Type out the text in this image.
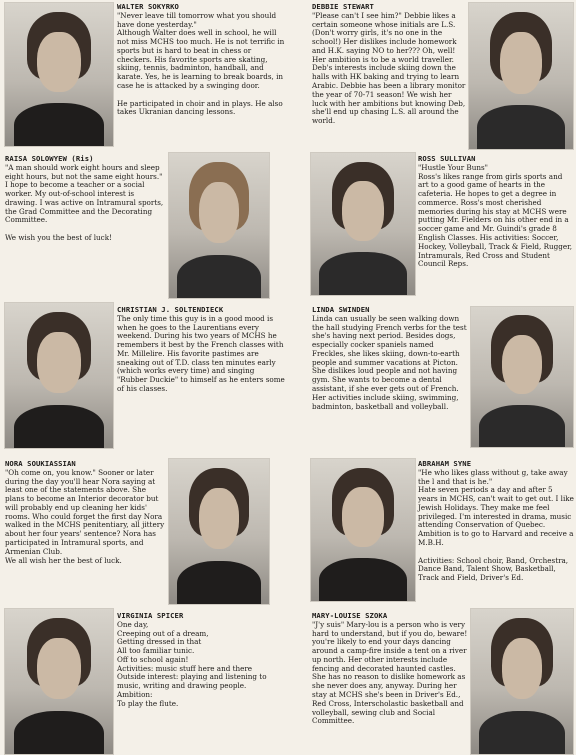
WALTER SOKYRKO

"Never leave till tomorrow what you should have done yesterday."
Although Walter does well in school, he will not miss MCHS too much. He is not terrific in sports but is hard to beat in chess or checkers. His favorite sports are skating, skiing, tennis, badminton, handball, and karate. Yes, he is learning to break boards, in case he is attacked by a swinging door.

He participated in choir and in plays. He also takes Ukranian dancing lessons.

DEBBIE STEWART

"Please can't I see him?" Debbie likes a certain someone whose initials are L.S. (Don't worry girls, it's no one in the school!) Her dislikes include homework and H.K. saying NO to her??? Oh, well! Her ambition is to be a world traveller. Deb's interests include skiing down the halls with HK baking and trying to learn Arabic. Debbie has been a library monitor the year of 70-71 season! We wish her luck with her ambitions but knowing Deb, she'll end up chasing L.S. all around the world.

RAISA SOLOWYEW (Ris)

"A man should work eight hours and sleep eight hours, but not the same eight hours."
I hope to become a teacher or a social worker. My out-of-school interest is drawing. I was active on Intramural sports, the Grad Committee and the Decorating Committee.

We wish you the best of luck!

ROSS SULLIVAN

"Hustle Your Buns"
Ross's likes range from girls sports and art to a good game of hearts in the cafeteria. He hopes to get a degree in commerce. Ross's most cherished memories during his stay at MCHS were putting Mr. Fielders on his other end in a soccer game and Mr. Guindi's grade 8 English Classes. His activities: Soccer, Hockey, Volleyball, Track & Field, Rugger, Intramurals, Red Cross and Student Council Reps.

CHRISTIAN J. SOLTENDIECK

The only time this guy is in a good mood is when he goes to the Laurentians every weekend. During his two years of MCHS he remembers it best by the French classes with Mr. Millelire. His favorite pastimes are sneaking out of T.D. class ten minutes early (which works every time) and singing "Rubber Duckie" to himself as he enters some of his classes.

LINDA SWINDEN

Linda can usually be seen walking down the hall studying French verbs for the test she's having next period. Besides dogs, especially cocker spaniels named Freckles, she likes skiing, down-to-earth people and summer vacations at Picton. She dislikes loud people and not having gym. She wants to become a dental assistant, if she ever gets out of French. Her activities include skiing, swimming, badminton, basketball and volleyball.

NORA SOUKIASSIAN

"Oh come on, you know." Sooner or later during the day you'll hear Nora saying at least one of the statements above. She plans to become an Interior decorator but will probably end up cleaning her kids' rooms. Who could forget the first day Nora walked in the MCHS penitentiary, all jittery about her four years' sentence? Nora has participated in Intramural sports, and Armenian Club.
We all wish her the best of luck.

ABRAHAM SYNE

"He who likes glass without g, take away the l and that is he."
Hate seven periods a day and after 5 years in MCHS, can't wait to get out. I like Jewish Holidays. They make me feel privileged. I'm interested in drama, music attending Conservation of Quebec. Ambition is to go to Harvard and receive a M.B.H.

Activities: School choir, Band, Orchestra, Dance Band, Talent Show, Basketball, Track and Field, Driver's Ed.

VIRGINIA SPICER

One day,
Creeping out of a dream,
Getting dressed in that
All too familiar tunic.
Off to school again!
Activities: music stuff here and there
Outside interest: playing and listening to music, writing and drawing people.
Ambition:
To play the flute.

MARY-LOUISE SZOKA

"J'y suis" Mary-lou is a person who is very hard to understand, but if you do, beware! you're likely to end your days dancing around a camp-fire inside a tent on a river up north. Her other interests include fencing and decorated haunted castles. She has no reason to dislike homework as she never does any, anyway. During her stay at MCHS she's been in Driver's Ed., Red Cross, Interscholastic basketball and volleyball, sewing club and Social Committee.
